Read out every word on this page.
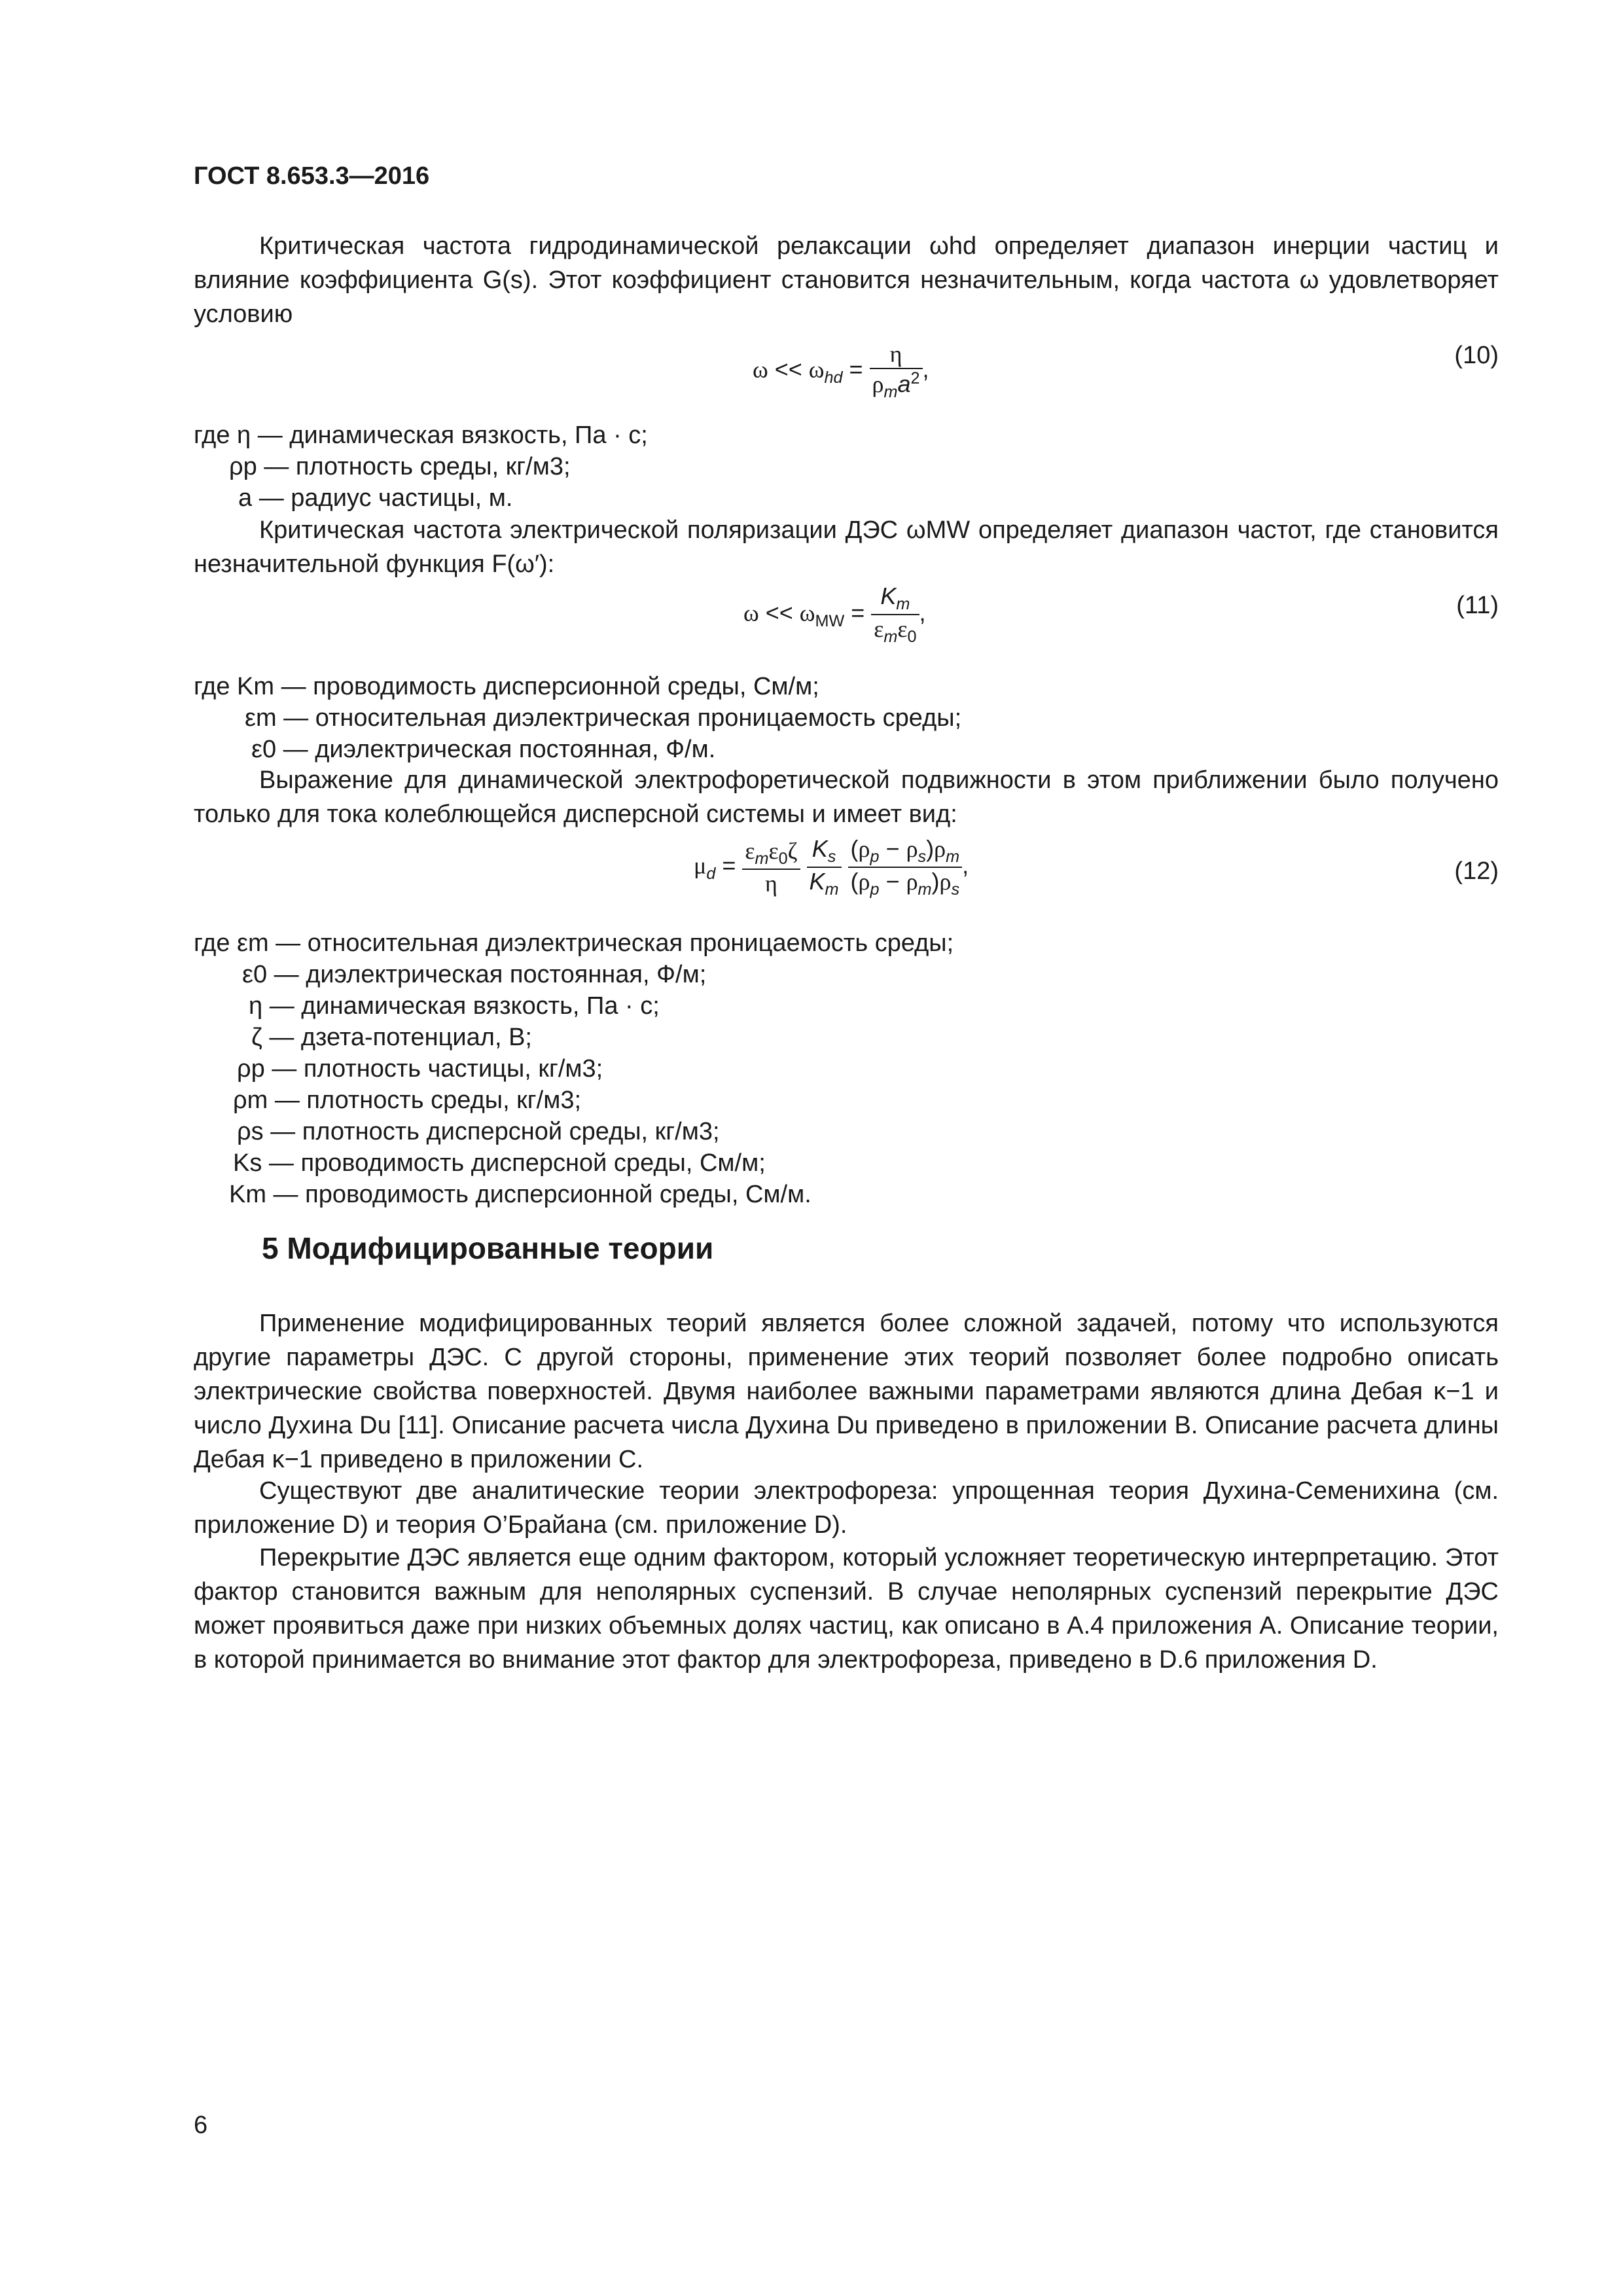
ГОСТ 8.653.3—2016

Критическая частота гидродинамической релаксации ωhd определяет диапазон инерции частиц и влияние коэффициента G(s). Этот коэффициент становится незначительным, когда частота ω удовлетворяет условию

$\omega << \omega_{hd} = \frac{\eta}{\rho_ma^2}$ ,
(10)
где η — динамическая вязкость, Па · с;
ρp — плотность среды, кг/м3;
a — радиус частицы, м.

Критическая частота электрической поляризации ДЭС ωMW определяет диапазон частот, где становится незначительной функция F(ω′):

$\omega << \omega_{MW} = \frac{K_m}{\varepsilon_m\varepsilon_0}$ ,	(11)
где Km — проводимость дисперсионной среды, См/м;
εm — относительная диэлектрическая проницаемость среды;
ε0 — диэлектрическая постоянная, Ф/м.

Выражение для динамической электрофоретической подвижности в этом приближении было получено только для тока колеблющейся дисперсной системы и имеет вид:

$\mu_d = \frac{\varepsilon_m\varepsilon_0\zeta}{\eta}$
$\frac{K_s}{K_m}$
$\frac{(\rho_p - \rho_s)\rho_m}{(\rho_p - \rho_m)\rho_s}$ ,	(12)
где εm — относительная диэлектрическая проницаемость среды;
ε0 — диэлектрическая постоянная, Ф/м;
η — динамическая вязкость, Па · с;
ζ — дзета-потенциал, В;
ρp — плотность частицы, кг/м3;
ρm — плотность среды, кг/м3;
ρs — плотность дисперсной среды, кг/м3;
Ks — проводимость дисперсной среды, См/м;
Km — проводимость дисперсионной среды, См/м.
5 Модифицированные теории

Применение модифицированных теорий является более сложной задачей, потому что используются другие параметры ДЭС. С другой стороны, применение этих теорий позволяет более подробно описать электрические свойства поверхностей. Двумя наиболее важными параметрами являются длина Дебая κ−1 и число Духина Du [11]. Описание расчета числа Духина Du приведено в приложении B. Описание расчета длины Дебая κ−1 приведено в приложении C.

Существуют две аналитические теории электрофореза: упрощенная теория Духина-Семенихина (см. приложение D) и теория О’Брайана (см. приложение D).

Перекрытие ДЭС является еще одним фактором, который усложняет теоретическую интерпретацию. Этот фактор становится важным для неполярных суспензий. В случае неполярных суспензий перекрытие ДЭС может проявиться даже при низких объемных долях частиц, как описано в А.4 приложения А. Описание теории, в которой принимается во внимание этот фактор для электрофореза, приведено в D.6 приложения D.

6
